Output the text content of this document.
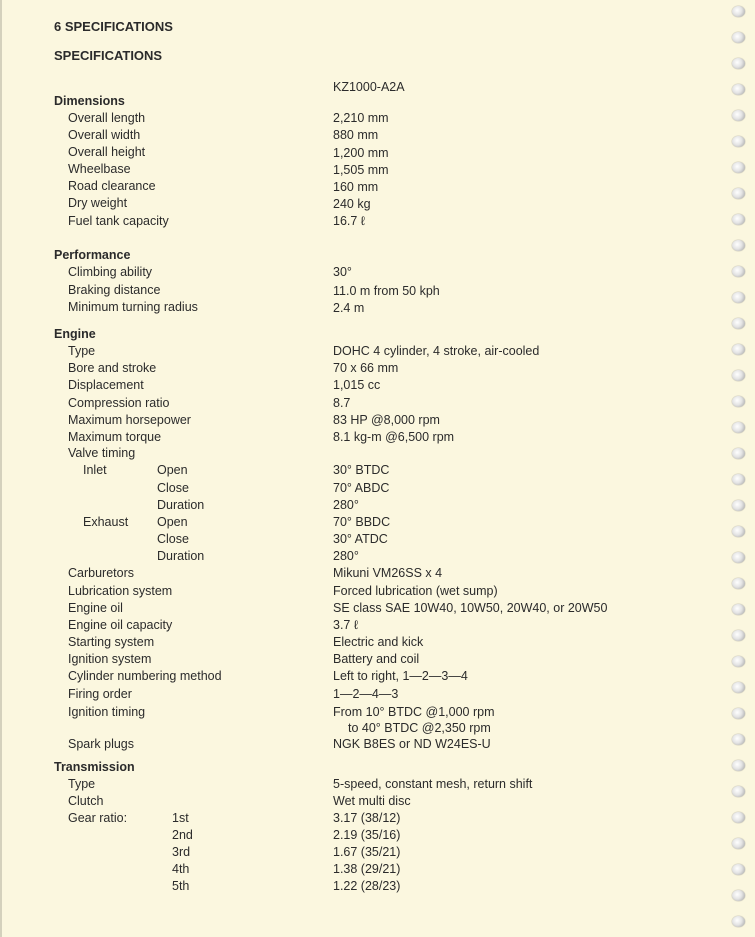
6 SPECIFICATIONS
SPECIFICATIONS
KZ1000-A2A
Dimensions
Overall length	2,210 mm
Overall width	880 mm
Overall height	1,200 mm
Wheelbase	1,505 mm
Road clearance	160 mm
Dry weight	240 kg
Fuel tank capacity	16.7 ℓ
Performance
Climbing ability	30°
Braking distance	11.0 m from 50 kph
Minimum turning radius	2.4 m
Engine
Type	DOHC 4 cylinder, 4 stroke, air-cooled
Bore and stroke	70 x 66 mm
Displacement	1,015 cc
Compression ratio	8.7
Maximum horsepower	83 HP @8,000 rpm
Maximum torque	8.1 kg-m @6,500 rpm
Valve timing
Inlet	Open	30° BTDC
Close	70° ABDC
Duration	280°
Exhaust Open	70° BBDC
Close	30° ATDC
Duration	280°
Carburetors	Mikuni VM26SS x 4
Lubrication system	Forced lubrication (wet sump)
Engine oil	SE class SAE 10W40, 10W50, 20W40, or 20W50
Engine oil capacity	3.7 ℓ
Starting system	Electric and kick
Ignition system	Battery and coil
Cylinder numbering method	Left to right, 1—2—3—4
Firing order	1—2—4—3
Ignition timing	From 10° BTDC @1,000 rpm
to 40° BTDC @2,350 rpm
Spark plugs	NGK B8ES or ND W24ES-U
Transmission
Type	5-speed, constant mesh, return shift
Clutch	Wet multi disc
Gear ratio:	1st	3.17 (38/12)
2nd	2.19 (35/16)
3rd	1.67 (35/21)
4th	1.38 (29/21)
5th	1.22 (28/23)
